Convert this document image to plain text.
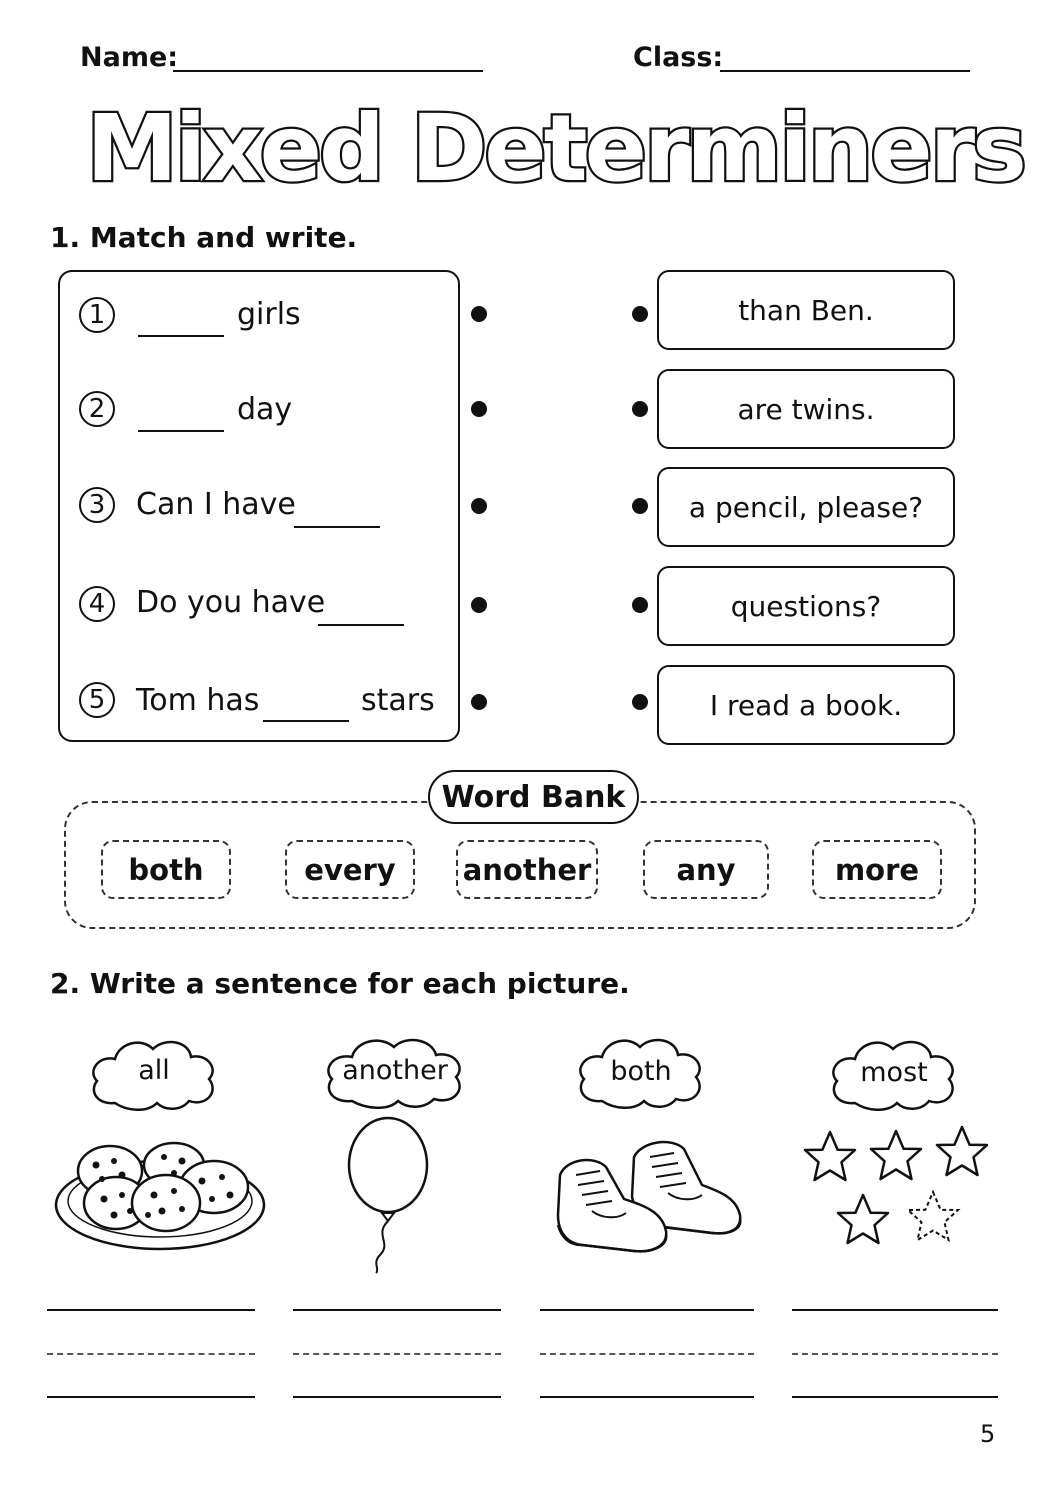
Name:	Class:
Mixed Determiners
1. Match and write.
1	girls
2	day
3	Can I have
4	Do you have
5	Tom has	stars
than Ben.
are twins.
a pencil, please?
questions?
I read a book.
Word Bank
both	every	another	any	more
2. Write a sentence for each picture.
all	another	both	most
5
